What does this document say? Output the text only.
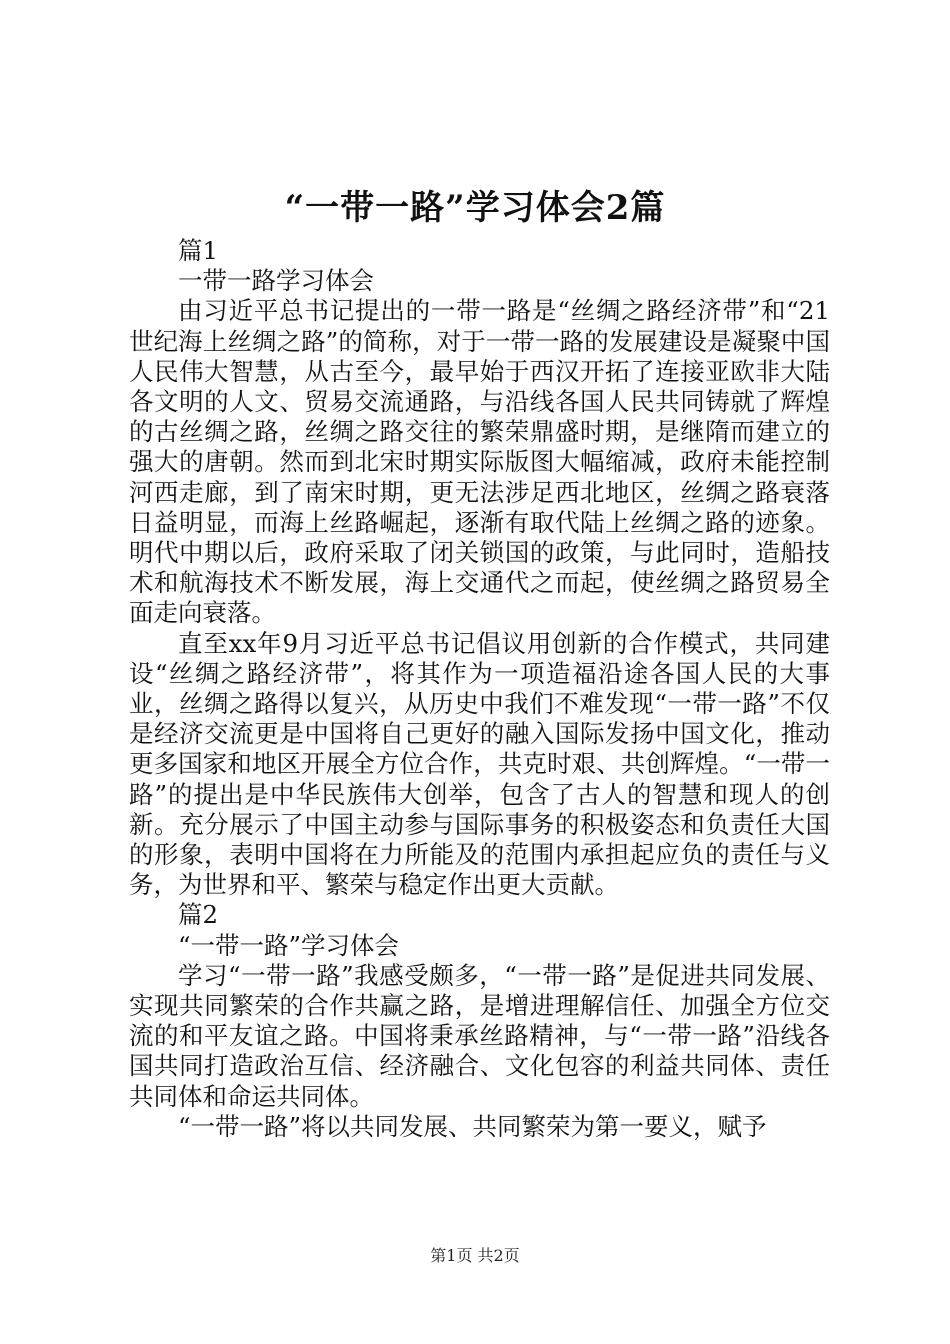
“一带一路”学习体会2篇

篇1

一带一路学习体会

由习近平总书记提出的一带一路是“丝绸之路经济带”和“21世纪海上丝绸之路”的简称，对于一带一路的发展建设是凝聚中国人民伟大智慧，从古至今，最早始于西汉开拓了连接亚欧非大陆各文明的人文、贸易交流通路，与沿线各国人民共同铸就了辉煌的古丝绸之路，丝绸之路交往的繁荣鼎盛时期，是继隋而建立的强大的唐朝。然而到北宋时期实际版图大幅缩减，政府未能控制河西走廊，到了南宋时期，更无法涉足西北地区，丝绸之路衰落日益明显，而海上丝路崛起，逐渐有取代陆上丝绸之路的迹象。明代中期以后，政府采取了闭关锁国的政策，与此同时，造船技术和航海技术不断发展，海上交通代之而起，使丝绸之路贸易全面走向衰落。

直至xx年9月习近平总书记倡议用创新的合作模式，共同建设“丝绸之路经济带”，将其作为一项造福沿途各国人民的大事业，丝绸之路得以复兴，从历史中我们不难发现“一带一路”不仅是经济交流更是中国将自己更好的融入国际发扬中国文化，推动更多国家和地区开展全方位合作，共克时艰、共创辉煌。“一带一路”的提出是中华民族伟大创举，包含了古人的智慧和现人的创新。充分展示了中国主动参与国际事务的积极姿态和负责任大国的形象，表明中国将在力所能及的范围内承担起应负的责任与义务，为世界和平、繁荣与稳定作出更大贡献。

篇2

“一带一路”学习体会

学习“一带一路”我感受颇多，“一带一路”是促进共同发展、实现共同繁荣的合作共赢之路，是增进理解信任、加强全方位交流的和平友谊之路。中国将秉承丝路精神，与“一带一路”沿线各国共同打造政治互信、经济融合、文化包容的利益共同体、责任共同体和命运共同体。

“一带一路”将以共同发展、共同繁荣为第一要义，赋予

第1页 共2页
